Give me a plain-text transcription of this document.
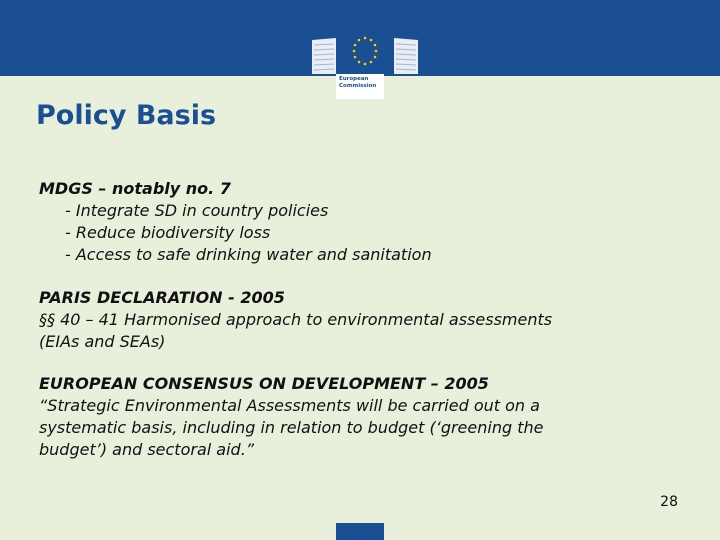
European
Commission
Policy Basis
MDGS – notably no. 7
- Integrate SD in country policies
- Reduce biodiversity loss
- Access to safe drinking water and sanitation
PARIS DECLARATION - 2005
§§ 40 – 41 Harmonised approach to environmental assessments
(EIAs and SEAs)
EUROPEAN CONSENSUS ON DEVELOPMENT – 2005
“Strategic Environmental Assessments will be carried out on a
systematic basis, including in relation to budget (‘greening the
budget’) and sectoral aid.”
28
